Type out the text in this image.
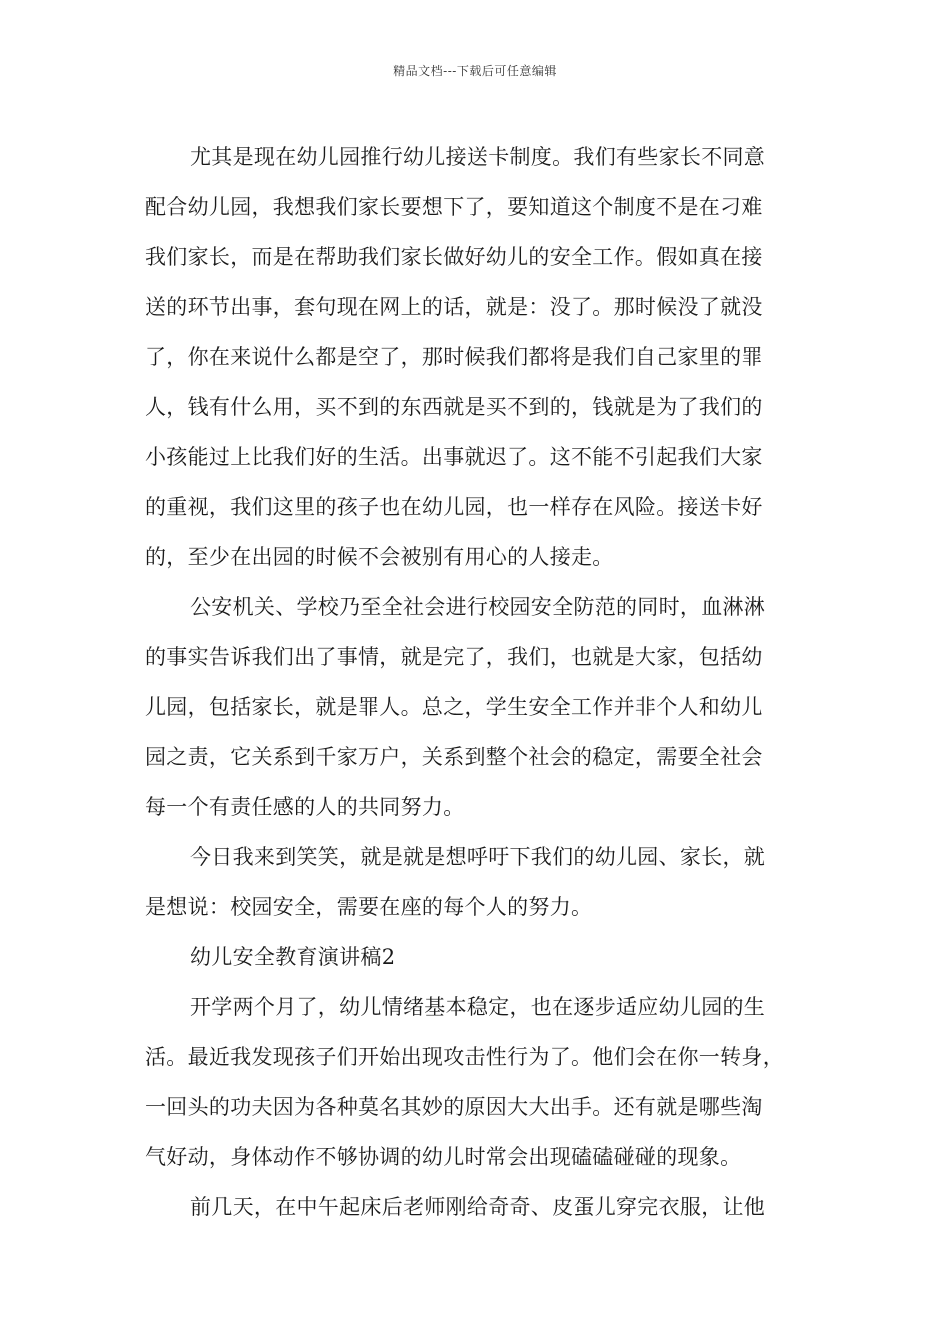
精品文档---下载后可任意编辑
尤其是现在幼儿园推行幼儿接送卡制度。我们有些家长不同意
配合幼儿园，我想我们家长要想下了，要知道这个制度不是在刁难
我们家长，而是在帮助我们家长做好幼儿的安全工作。假如真在接
送的环节出事，套句现在网上的话，就是：没了。那时候没了就没
了，你在来说什么都是空了，那时候我们都将是我们自己家里的罪
人，钱有什么用，买不到的东西就是买不到的，钱就是为了我们的
小孩能过上比我们好的生活。出事就迟了。这不能不引起我们大家
的重视，我们这里的孩子也在幼儿园，也一样存在风险。接送卡好
的，至少在出园的时候不会被别有用心的人接走。
公安机关、学校乃至全社会进行校园安全防范的同时，血淋淋
的事实告诉我们出了事情，就是完了，我们，也就是大家，包括幼
儿园，包括家长，就是罪人。总之，学生安全工作并非个人和幼儿
园之责，它关系到千家万户，关系到整个社会的稳定，需要全社会
每一个有责任感的人的共同努力。
今日我来到笑笑，就是就是想呼吁下我们的幼儿园、家长，就
是想说：校园安全，需要在座的每个人的努力。
幼儿安全教育演讲稿2
开学两个月了，幼儿情绪基本稳定，也在逐步适应幼儿园的生
活。最近我发现孩子们开始出现攻击性行为了。他们会在你一转身，
一回头的功夫因为各种莫名其妙的原因大大出手。还有就是哪些淘
气好动，身体动作不够协调的幼儿时常会出现磕磕碰碰的现象。
前几天，在中午起床后老师刚给奇奇、皮蛋儿穿完衣服，让他
